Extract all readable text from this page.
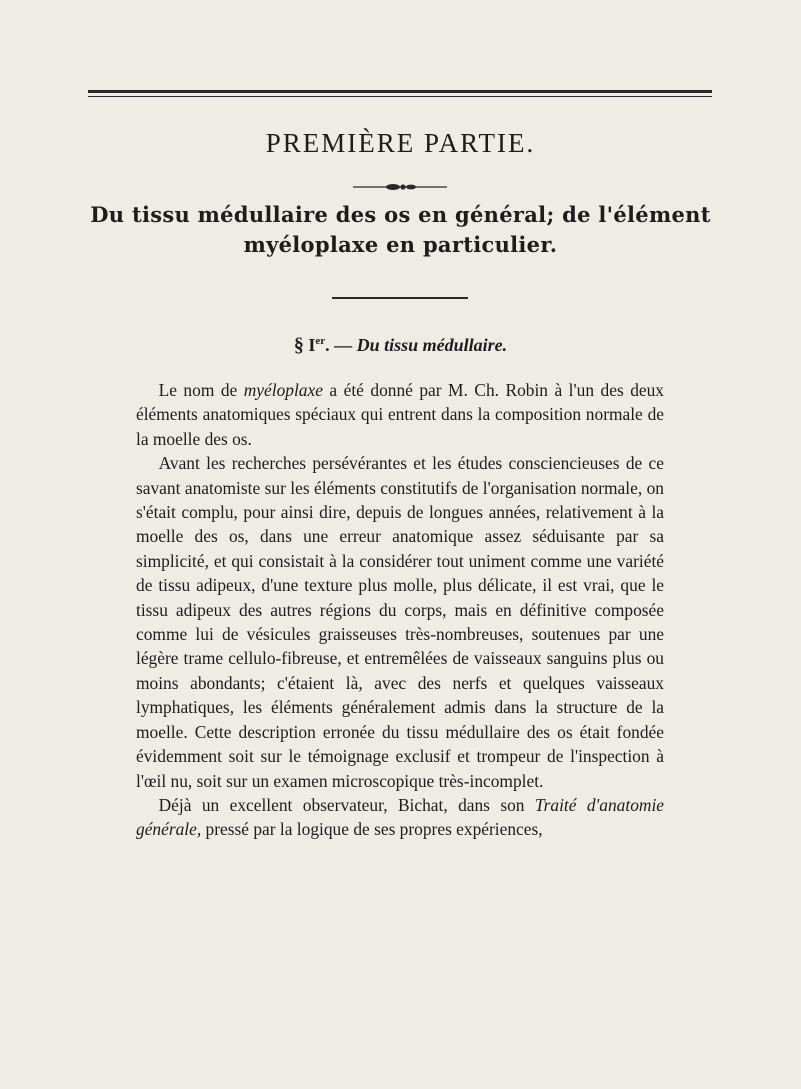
PREMIÈRE PARTIE.
Du tissu médullaire des os en général; de l'élément
myéloplaxe en particulier.
§ Ier. — Du tissu médullaire.

Le nom de myéloplaxe a été donné par M. Ch. Robin à l'un des deux éléments anatomiques spéciaux qui entrent dans la composition normale de la moelle des os.

Avant les recherches persévérantes et les études consciencieuses de ce savant anatomiste sur les éléments constitutifs de l'organisation normale, on s'était complu, pour ainsi dire, depuis de longues années, relativement à la moelle des os, dans une erreur anatomique assez séduisante par sa simplicité, et qui consistait à la considérer tout uniment comme une variété de tissu adipeux, d'une texture plus molle, plus délicate, il est vrai, que le tissu adipeux des autres régions du corps, mais en définitive composée comme lui de vésicules graisseuses très-nombreuses, soutenues par une légère trame cellulo-fibreuse, et entremêlées de vaisseaux sanguins plus ou moins abondants; c'étaient là, avec des nerfs et quelques vaisseaux lymphatiques, les éléments généralement admis dans la structure de la moelle. Cette description erronée du tissu médullaire des os était fondée évidemment soit sur le témoignage exclusif et trompeur de l'inspection à l'œil nu, soit sur un examen microscopique très-incomplet.

Déjà un excellent observateur, Bichat, dans son Traité d'anatomie générale, pressé par la logique de ses propres expériences,
